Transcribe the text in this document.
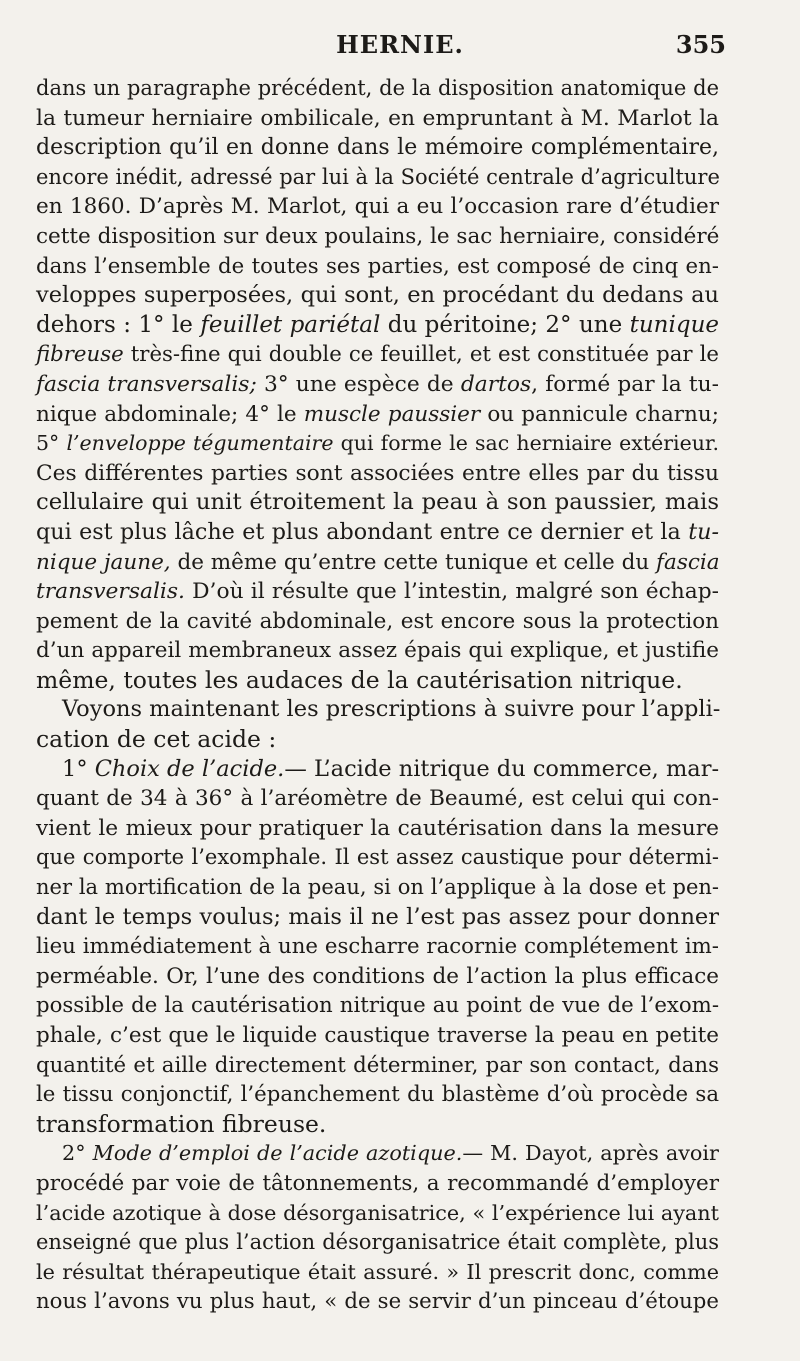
HERNIE.	355
dans un paragraphe précédent, de la disposition anatomique de
la tumeur herniaire ombilicale, en empruntant à M. Marlot la
description qu’il en donne dans le mémoire complémentaire,
encore inédit, adressé par lui à la Société centrale d’agriculture
en 1860. D’après M. Marlot, qui a eu l’occasion rare d’étudier
cette disposition sur deux poulains, le sac herniaire, considéré
dans l’ensemble de toutes ses parties, est composé de cinq en-
veloppes superposées, qui sont, en procédant du dedans au
dehors : 1° le feuillet pariétal du péritoine; 2° une tunique
fibreuse très-fine qui double ce feuillet, et est constituée par le
fascia transversalis; 3° une espèce de dartos, formé par la tu-
nique abdominale; 4° le muscle paussier ou pannicule charnu;
5° l’enveloppe tégumentaire qui forme le sac herniaire extérieur.
Ces différentes parties sont associées entre elles par du tissu
cellulaire qui unit étroitement la peau à son paussier, mais
qui est plus lâche et plus abondant entre ce dernier et la tu-
nique jaune, de même qu’entre cette tunique et celle du fascia
transversalis. D’où il résulte que l’intestin, malgré son échap-
pement de la cavité abdominale, est encore sous la protection
d’un appareil membraneux assez épais qui explique, et justifie
même, toutes les audaces de la cautérisation nitrique.
Voyons maintenant les prescriptions à suivre pour l’appli-
cation de cet acide :
1° Choix de l’acide.— L’acide nitrique du commerce, mar-
quant de 34 à 36° à l’aréomètre de Beaumé, est celui qui con-
vient le mieux pour pratiquer la cautérisation dans la mesure
que comporte l’exomphale. Il est assez caustique pour détermi-
ner la mortification de la peau, si on l’applique à la dose et pen-
dant le temps voulus; mais il ne l’est pas assez pour donner
lieu immédiatement à une escharre racornie complétement im-
perméable. Or, l’une des conditions de l’action la plus efficace
possible de la cautérisation nitrique au point de vue de l’exom-
phale, c’est que le liquide caustique traverse la peau en petite
quantité et aille directement déterminer, par son contact, dans
le tissu conjonctif, l’épanchement du blastème d’où procède sa
transformation fibreuse.
2° Mode d’emploi de l’acide azotique.— M. Dayot, après avoir
procédé par voie de tâtonnements, a recommandé d’employer
l’acide azotique à dose désorganisatrice, « l’expérience lui ayant
enseigné que plus l’action désorganisatrice était complète, plus
le résultat thérapeutique était assuré. » Il prescrit donc, comme
nous l’avons vu plus haut, « de se servir d’un pinceau d’étoupe
